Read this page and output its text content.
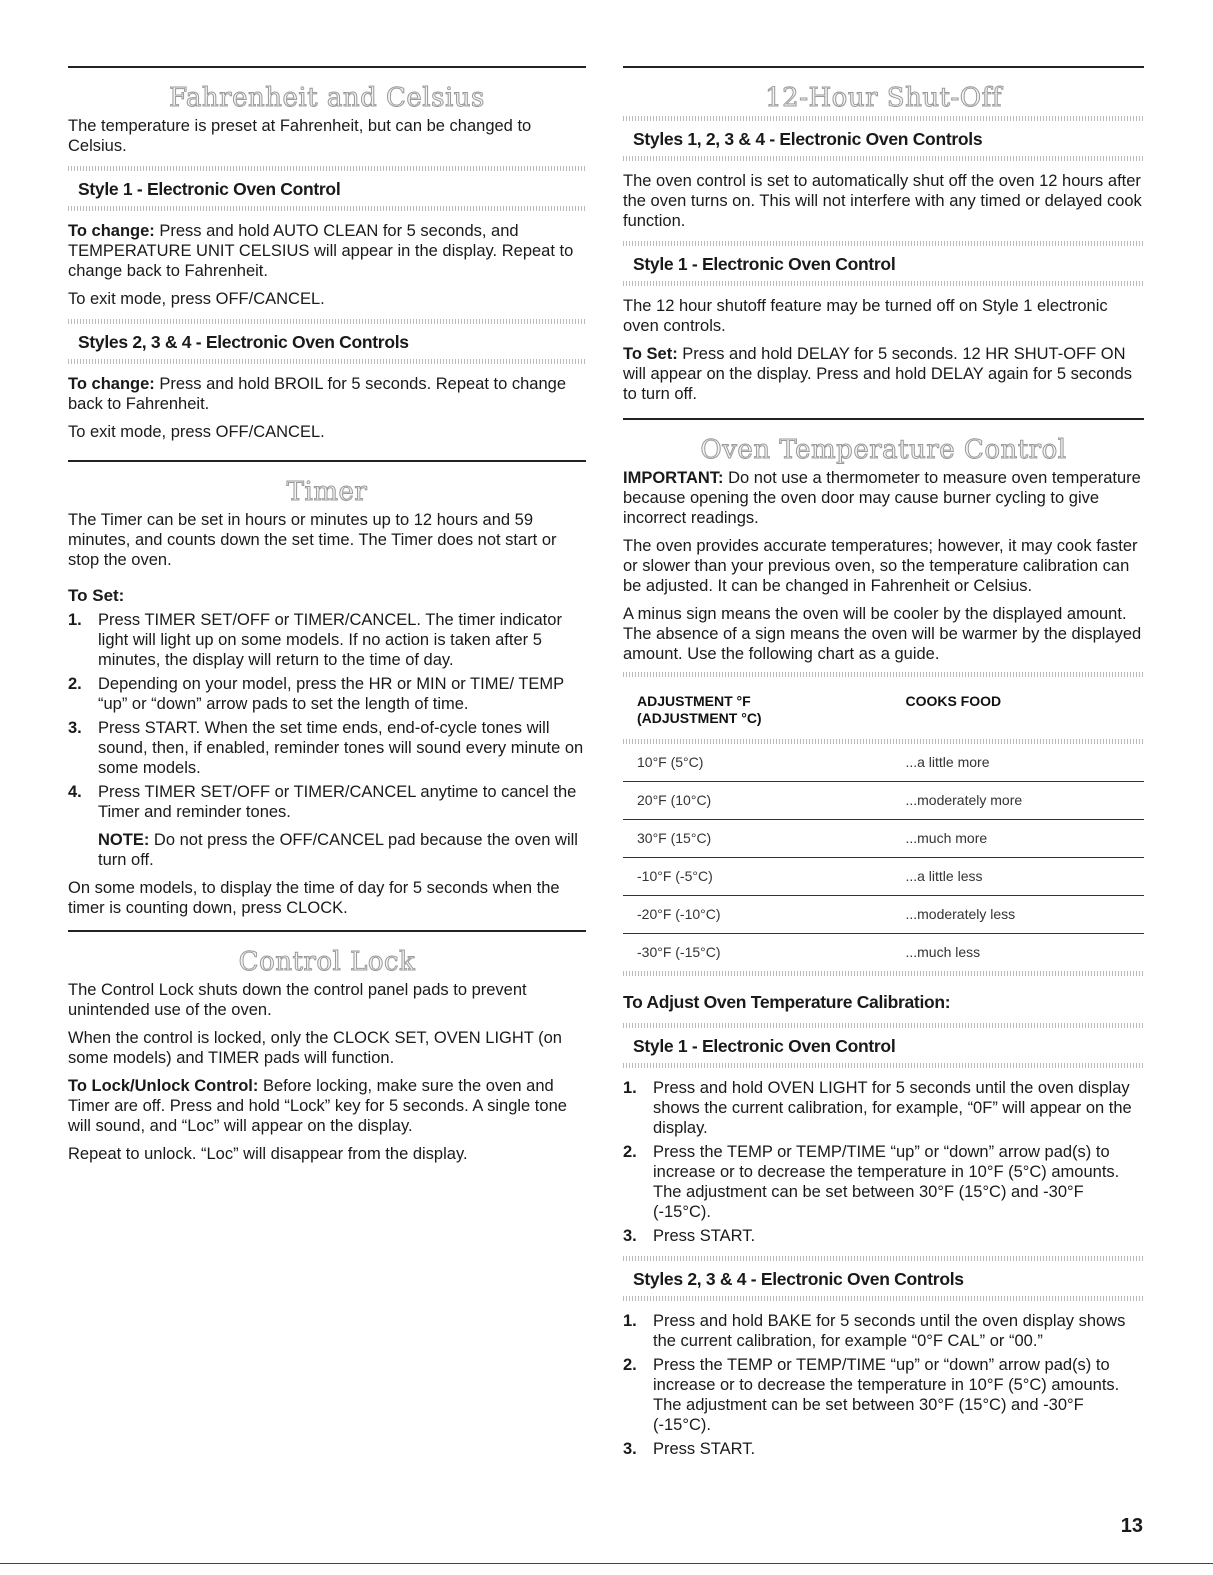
Fahrenheit and Celsius

The temperature is preset at Fahrenheit, but can be changed to Celsius.

Style 1 - Electronic Oven Control

To change: Press and hold AUTO CLEAN for 5 seconds, and TEMPERATURE UNIT CELSIUS will appear in the display. Repeat to change back to Fahrenheit.

To exit mode, press OFF/CANCEL.

Styles 2, 3 & 4 - Electronic Oven Controls

To change: Press and hold BROIL for 5 seconds. Repeat to change back to Fahrenheit.

To exit mode, press OFF/CANCEL.

Timer

The Timer can be set in hours or minutes up to 12 hours and 59 minutes, and counts down the set time. The Timer does not start or stop the oven.

To Set:
1. Press TIMER SET/OFF or TIMER/CANCEL. The timer indicator light will light up on some models. If no action is taken after 5 minutes, the display will return to the time of day.
2. Depending on your model, press the HR or MIN or TIME/ TEMP “up” or “down” arrow pads to set the length of time.
3. Press START. When the set time ends, end-of-cycle tones will sound, then, if enabled, reminder tones will sound every minute on some models.
4. Press TIMER SET/OFF or TIMER/CANCEL anytime to cancel the Timer and reminder tones.

NOTE: Do not press the OFF/CANCEL pad because the oven will turn off.

On some models, to display the time of day for 5 seconds when the timer is counting down, press CLOCK.

Control Lock

The Control Lock shuts down the control panel pads to prevent unintended use of the oven.

When the control is locked, only the CLOCK SET, OVEN LIGHT (on some models) and TIMER pads will function.

To Lock/Unlock Control: Before locking, make sure the oven and Timer are off. Press and hold “Lock” key for 5 seconds. A single tone will sound, and “Loc” will appear on the display.

Repeat to unlock. “Loc” will disappear from the display.

12-Hour Shut-Off
Styles 1, 2, 3 & 4 - Electronic Oven Controls

The oven control is set to automatically shut off the oven 12 hours after the oven turns on. This will not interfere with any timed or delayed cook function.

Style 1 - Electronic Oven Control

The 12 hour shutoff feature may be turned off on Style 1 electronic oven controls.

To Set: Press and hold DELAY for 5 seconds. 12 HR SHUT-OFF ON will appear on the display. Press and hold DELAY again for 5 seconds to turn off.

Oven Temperature Control

IMPORTANT: Do not use a thermometer to measure oven temperature because opening the oven door may cause burner cycling to give incorrect readings.

The oven provides accurate temperatures; however, it may cook faster or slower than your previous oven, so the temperature calibration can be adjusted. It can be changed in Fahrenheit or Celsius.

A minus sign means the oven will be cooler by the displayed amount. The absence of a sign means the oven will be warmer by the displayed amount. Use the following chart as a guide.

ADJUSTMENT °F
(ADJUSTMENT °C)	COOKS FOOD

10°F (5°C)	...a little more
20°F (10°C)	...moderately more
30°F (15°C)	...much more
-10°F (-5°C)	...a little less
-20°F (-10°C)	...moderately less
-30°F (-15°C)	...much less
To Adjust Oven Temperature Calibration:
Style 1 - Electronic Oven Control
1. Press and hold OVEN LIGHT for 5 seconds until the oven display shows the current calibration, for example, “0F” will appear on the display.
2. Press the TEMP or TEMP/TIME “up” or “down” arrow pad(s) to increase or to decrease the temperature in 10°F (5°C) amounts. The adjustment can be set between 30°F (15°C) and -30°F (-15°C).
3. Press START.
Styles 2, 3 & 4 - Electronic Oven Controls
1. Press and hold BAKE for 5 seconds until the oven display shows the current calibration, for example “0°F CAL” or “00.”
2. Press the TEMP or TEMP/TIME “up” or “down” arrow pad(s) to increase or to decrease the temperature in 10°F (5°C) amounts. The adjustment can be set between 30°F (15°C) and -30°F (-15°C).
3. Press START.
13
